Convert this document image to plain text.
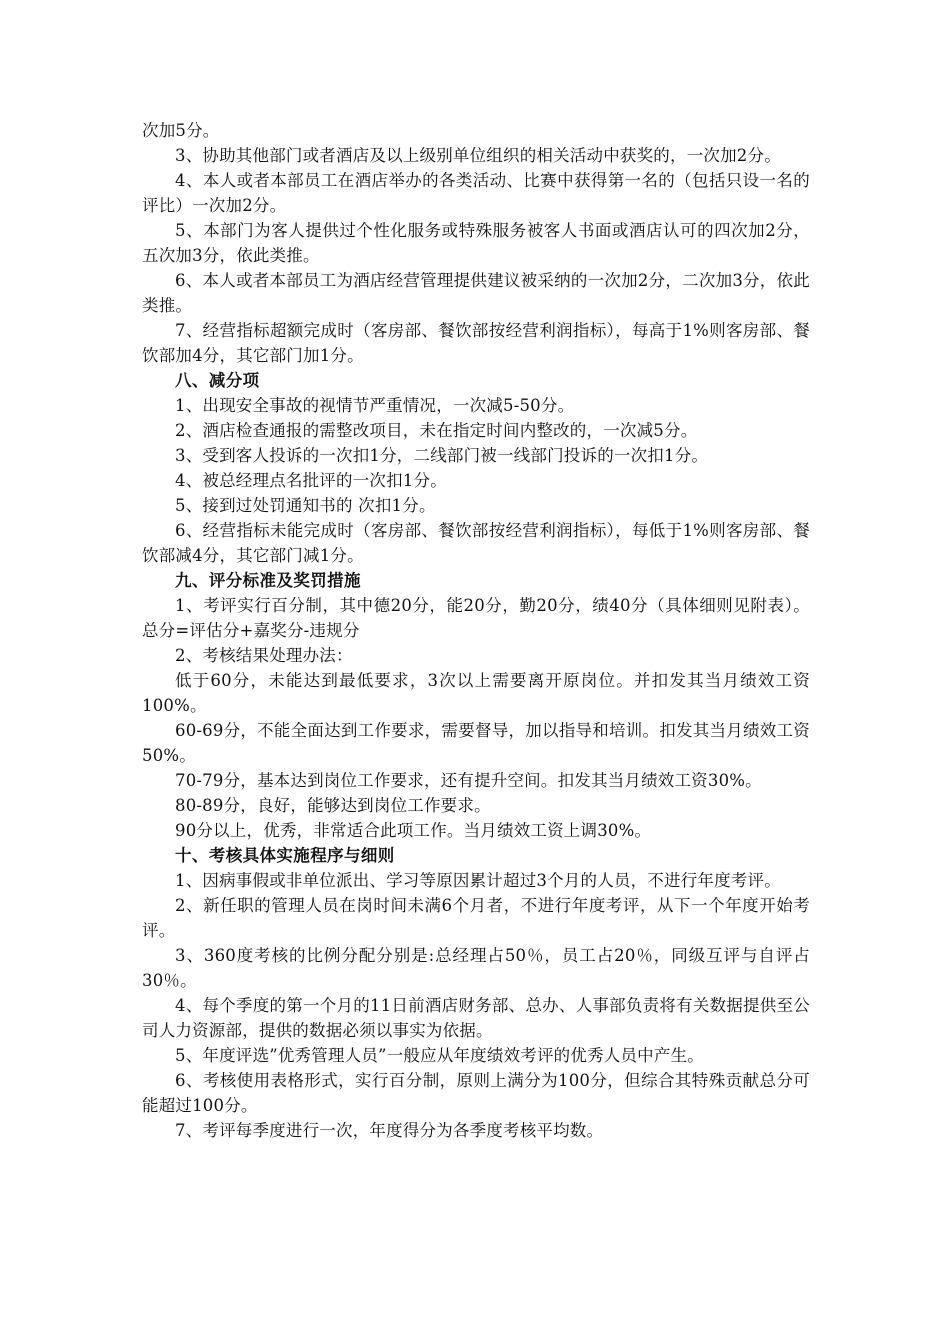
次加5分。

3、协助其他部门或者酒店及以上级别单位组织的相关活动中获奖的，一次加2分。

4、本人或者本部员工在酒店举办的各类活动、比赛中获得第一名的（包括只设一名的评比）一次加2分。

5、本部门为客人提供过个性化服务或特殊服务被客人书面或酒店认可的四次加2分，五次加3分，依此类推。

6、本人或者本部员工为酒店经营管理提供建议被采纳的一次加2分，二次加3分，依此类推。

7、经营指标超额完成时（客房部、餐饮部按经营利润指标），每高于1%则客房部、餐饮部加4分，其它部门加1分。

八、减分项

1、出现安全事故的视情节严重情况，一次减5-50分。

2、酒店检查通报的需整改项目，未在指定时间内整改的，一次减5分。

3、受到客人投诉的一次扣1分，二线部门被一线部门投诉的一次扣1分。

4、被总经理点名批评的一次扣1分。

5、接到过处罚通知书的 次扣1分。

6、经营指标未能完成时（客房部、餐饮部按经营利润指标），每低于1%则客房部、餐饮部减4分，其它部门减1分。

九、评分标准及奖罚措施

1、考评实行百分制，其中德20分，能20分，勤20分，绩40分（具体细则见附表）。总分=评估分+嘉奖分-违规分

2、考核结果处理办法：

低于60分，未能达到最低要求，3次以上需要离开原岗位。并扣发其当月绩效工资100%。

60-69分，不能全面达到工作要求，需要督导，加以指导和培训。扣发其当月绩效工资50%。

70-79分，基本达到岗位工作要求，还有提升空间。扣发其当月绩效工资30%。

80-89分，良好，能够达到岗位工作要求。

90分以上，优秀，非常适合此项工作。当月绩效工资上调30%。

十、考核具体实施程序与细则

1、因病事假或非单位派出、学习等原因累计超过3个月的人员，不进行年度考评。

2、新任职的管理人员在岗时间未满6个月者，不进行年度考评，从下一个年度开始考评。

3、360度考核的比例分配分别是:总经理占50％，员工占20％，同级互评与自评占30％。

4、每个季度的第一个月的11日前酒店财务部、总办、人事部负责将有关数据提供至公司人力资源部，提供的数据必须以事实为依据。

5、年度评选”优秀管理人员”一般应从年度绩效考评的优秀人员中产生。

6、考核使用表格形式，实行百分制，原则上满分为100分，但综合其特殊贡献总分可能超过100分。

7、考评每季度进行一次，年度得分为各季度考核平均数。
